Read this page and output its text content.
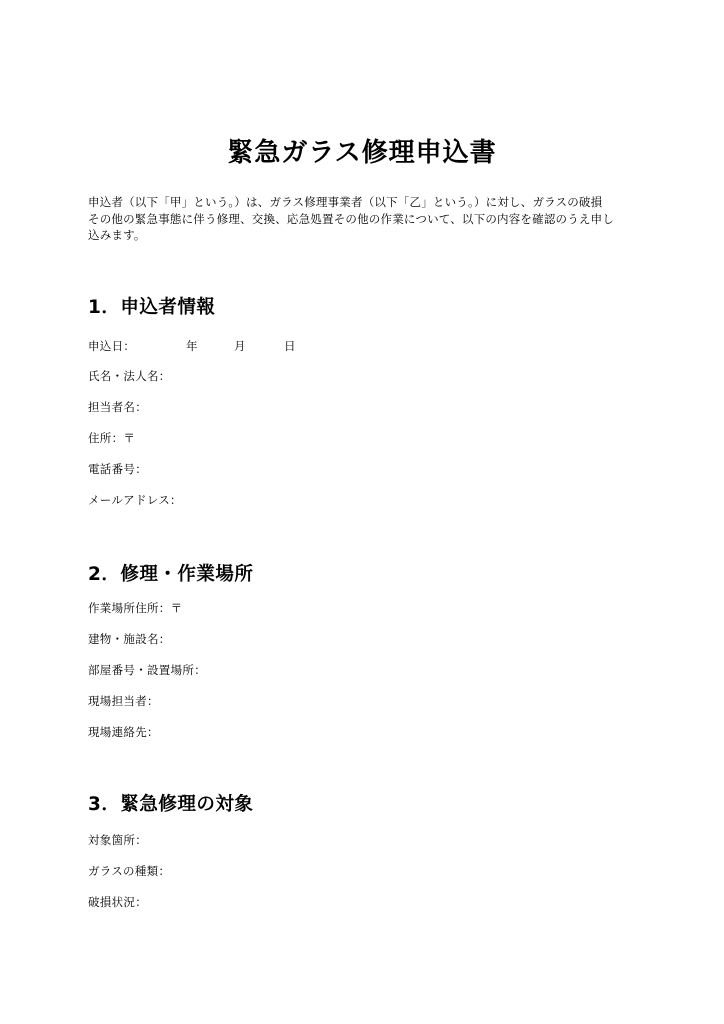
緊急ガラス修理申込書

申込者（以下「甲」という。）は、ガラス修理事業者（以下「乙」という。）に対し、ガラスの破損

その他の緊急事態に伴う修理、交換、応急処置その他の作業について、以下の内容を確認のうえ申し

込みます。

1．申込者情報
申込日：	年	月	日
氏名・法人名：
担当者名：
住所：〒
電話番号：
メールアドレス：
2．修理・作業場所
作業場所住所：〒
建物・施設名：
部屋番号・設置場所：
現場担当者：
現場連絡先：
3．緊急修理の対象
対象箇所：
ガラスの種類：
破損状況：
